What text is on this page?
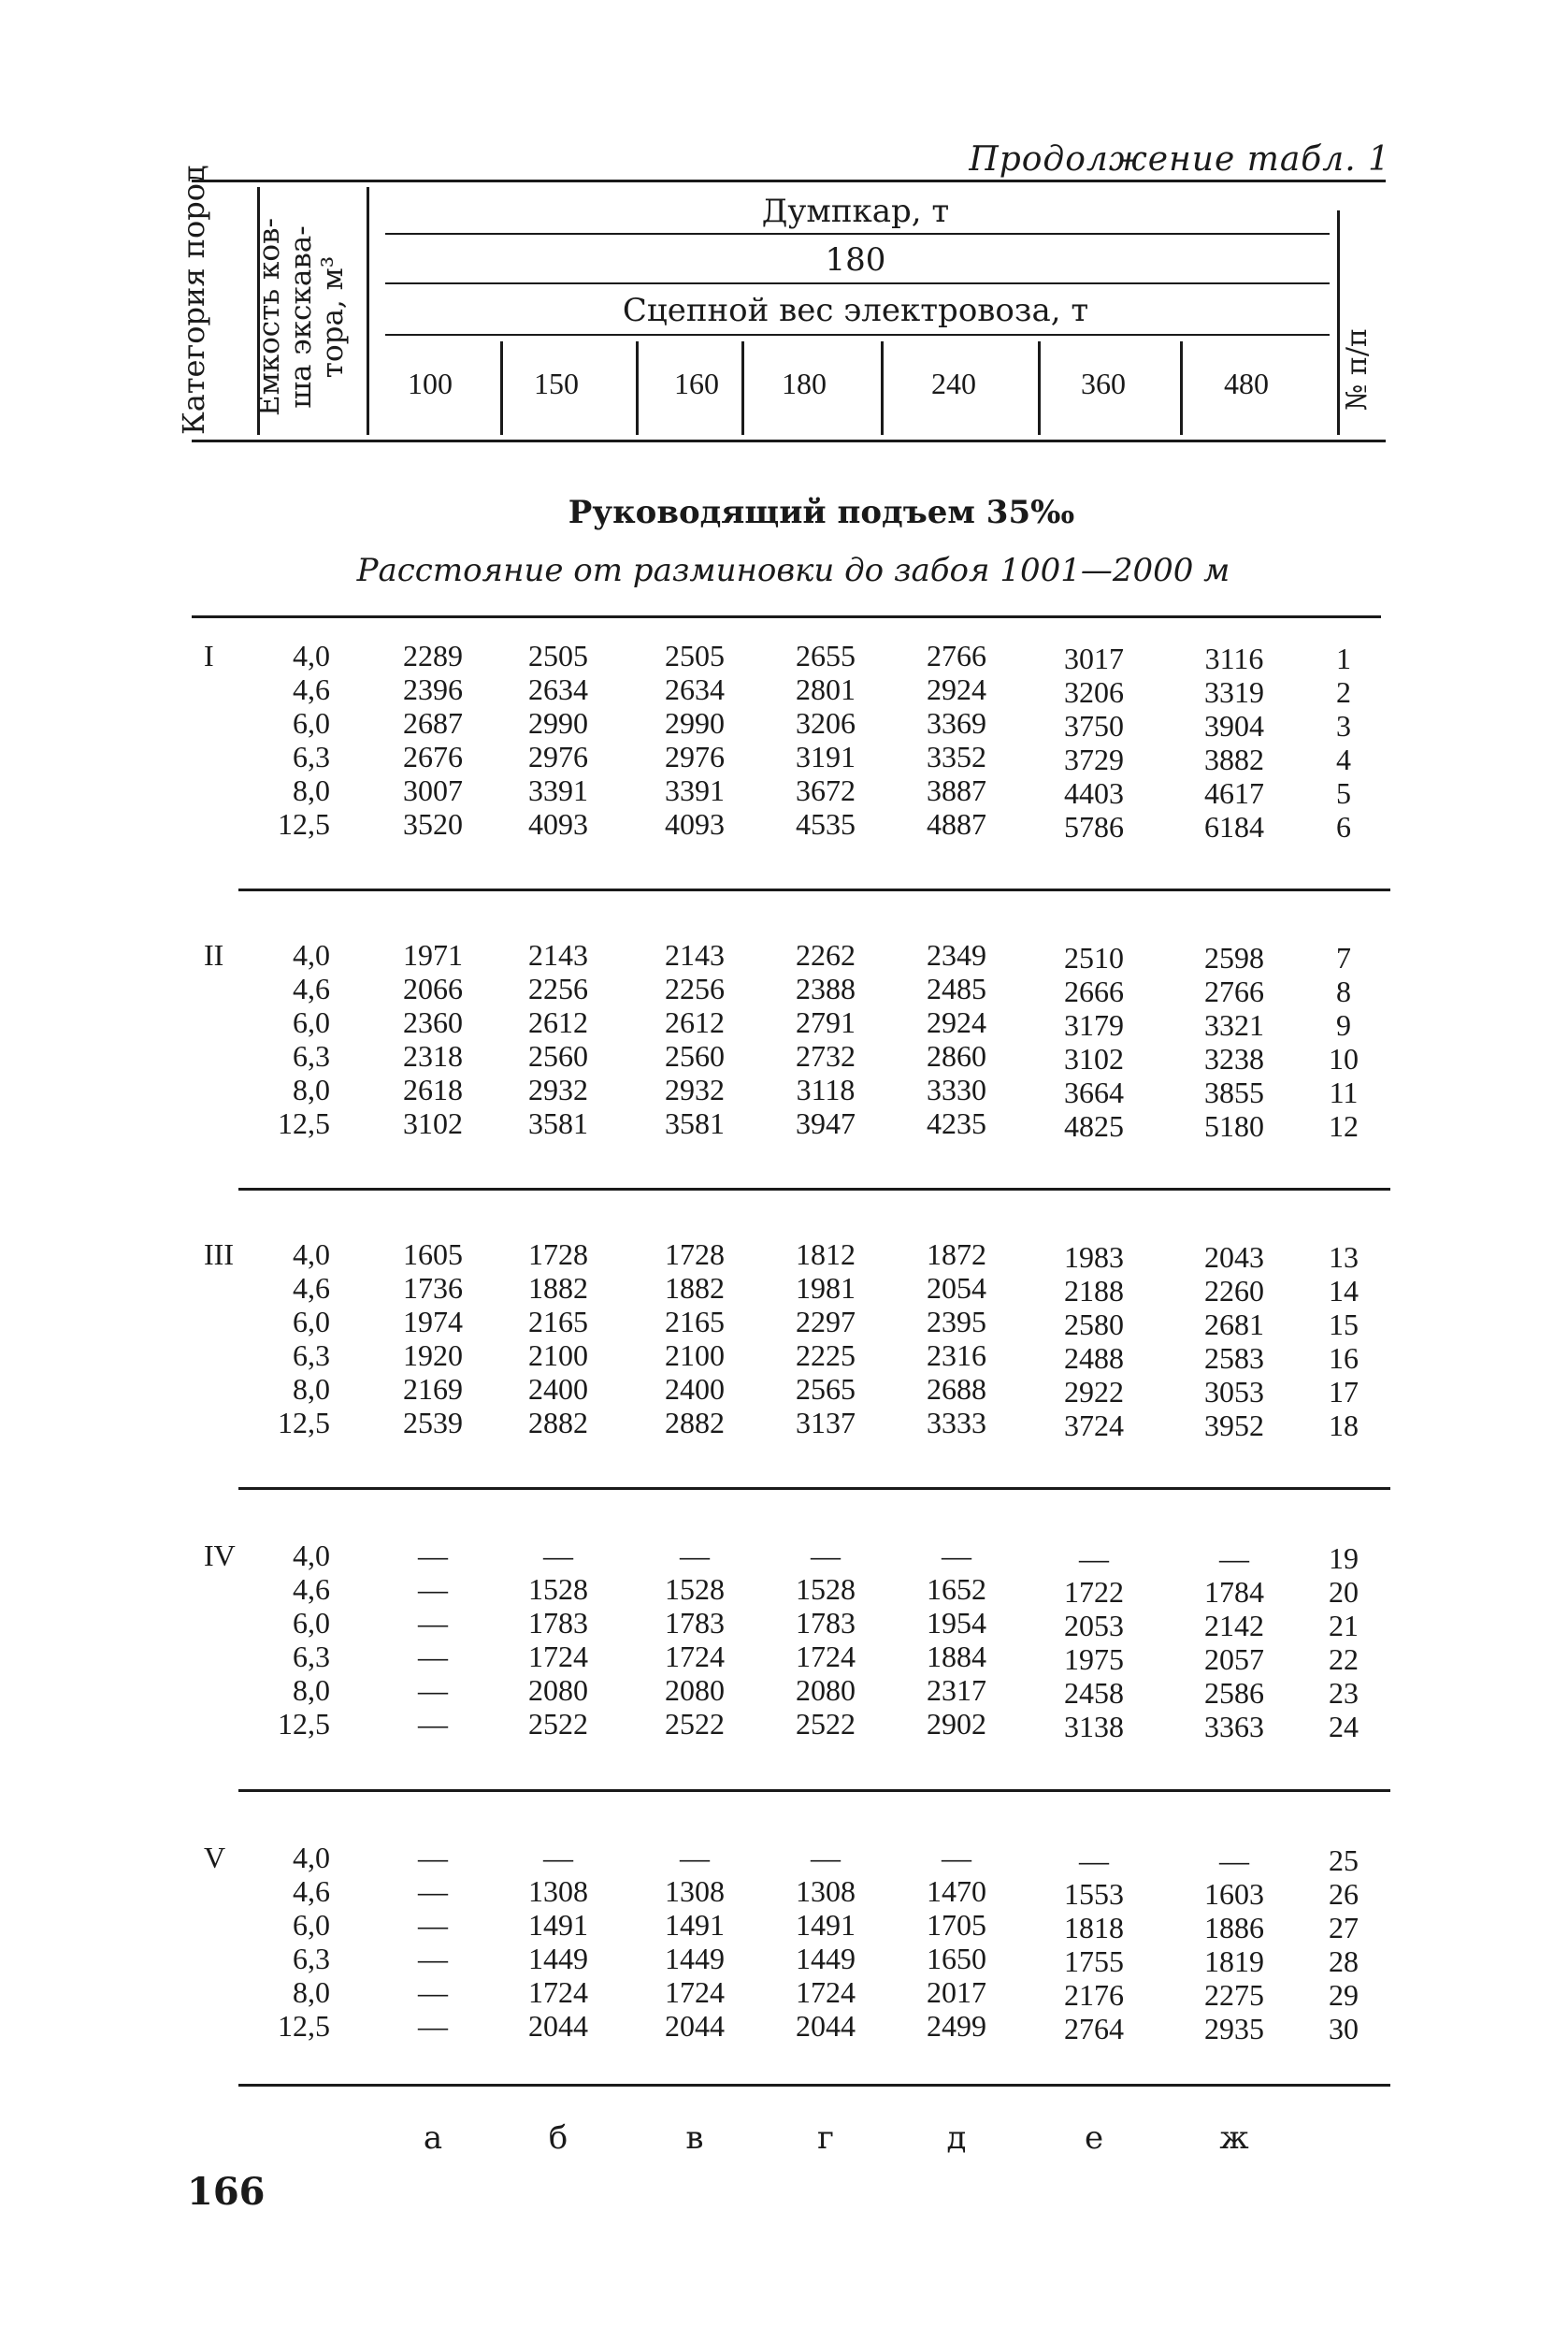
Продолжение табл. 1
Категория пород	Емкость ков-
ша экскава-
тора, м³
Думпкар, т
180
Сцепной вес электровоза, т
100	150	160	180	240	360	480	№ п/п
Руководящий подъем 35‰
Расстояние от разминовки до забоя 1001—2000 м
I	4,0	2289	2505	2505	2655	2766	3017	3116	1
4,6	2396	2634	2634	2801	2924	3206	3319	2
6,0	2687	2990	2990	3206	3369	3750	3904	3
6,3	2676	2976	2976	3191	3352	3729	3882	4
8,0	3007	3391	3391	3672	3887	4403	4617	5
12,5	3520	4093	4093	4535	4887	5786	6184	6
II	4,0	1971	2143	2143	2262	2349	2510	2598	7
4,6	2066	2256	2256	2388	2485	2666	2766	8
6,0	2360	2612	2612	2791	2924	3179	3321	9
6,3	2318	2560	2560	2732	2860	3102	3238	10
8,0	2618	2932	2932	3118	3330	3664	3855	11
12,5	3102	3581	3581	3947	4235	4825	5180	12
III	4,0	1605	1728	1728	1812	1872	1983	2043	13
4,6	1736	1882	1882	1981	2054	2188	2260	14
6,0	1974	2165	2165	2297	2395	2580	2681	15
6,3	1920	2100	2100	2225	2316	2488	2583	16
8,0	2169	2400	2400	2565	2688	2922	3053	17
12,5	2539	2882	2882	3137	3333	3724	3952	18
IV	4,0	—	—	—	—	—	—	—	19
4,6	—	1528	1528	1528	1652	1722	1784	20
6,0	—	1783	1783	1783	1954	2053	2142	21
6,3	—	1724	1724	1724	1884	1975	2057	22
8,0	—	2080	2080	2080	2317	2458	2586	23
12,5	—	2522	2522	2522	2902	3138	3363	24
V	4,0	—	—	—	—	—	—	—	25
4,6	—	1308	1308	1308	1470	1553	1603	26
6,0	—	1491	1491	1491	1705	1818	1886	27
6,3	—	1449	1449	1449	1650	1755	1819	28
8,0	—	1724	1724	1724	2017	2176	2275	29
12,5	—	2044	2044	2044	2499	2764	2935	30
а	б	в	г	д	е	ж
166
